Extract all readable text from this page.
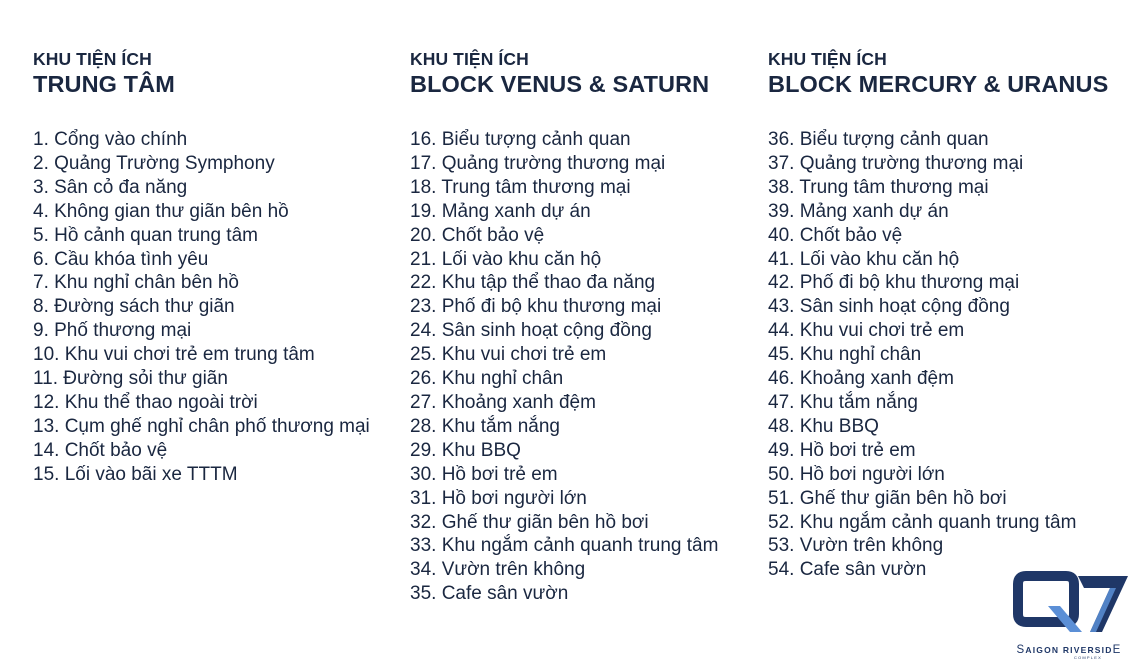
KHU TIỆN ÍCH
TRUNG TÂM
1. Cổng vào chính
2. Quảng Trường Symphony
3. Sân cỏ đa năng
4. Không gian thư giãn bên hồ
5. Hồ cảnh quan trung tâm
6. Cầu khóa tình yêu
7. Khu nghỉ chân bên hồ
8. Đường sách thư giãn
9. Phố thương mại
10. Khu vui chơi trẻ em trung tâm
11. Đường sỏi thư giãn
12. Khu thể thao ngoài trời
13. Cụm ghế nghỉ chân phố thương mại
14. Chốt bảo vệ
15. Lối vào bãi xe TTTM
KHU TIỆN ÍCH
BLOCK VENUS & SATURN
16. Biểu tượng cảnh quan
17. Quảng trường thương mại
18. Trung tâm thương mại
19. Mảng xanh dự án
20. Chốt bảo vệ
21. Lối vào khu căn hộ
22. Khu tập thể thao đa năng
23. Phố đi bộ khu thương mại
24. Sân sinh hoạt cộng đồng
25. Khu vui chơi trẻ em
26. Khu nghỉ chân
27. Khoảng xanh đệm
28. Khu tắm nắng
29. Khu BBQ
30. Hồ bơi trẻ em
31. Hồ bơi người lớn
32. Ghế thư giãn bên hồ bơi
33. Khu ngắm cảnh quanh trung tâm
34. Vườn trên không
35. Cafe sân vườn
KHU TIỆN ÍCH
BLOCK MERCURY & URANUS
36. Biểu tượng cảnh quan
37. Quảng trường thương mại
38. Trung tâm thương mại
39. Mảng xanh dự án
40. Chốt bảo vệ
41. Lối vào khu căn hộ
42. Phố đi bộ khu thương mại
43. Sân sinh hoạt cộng đồng
44. Khu vui chơi trẻ em
45. Khu nghỉ chân
46. Khoảng xanh đệm
47. Khu tắm nắng
48. Khu BBQ
49. Hồ bơi trẻ em
50. Hồ bơi người lớn
51. Ghế thư giãn bên hồ bơi
52. Khu ngắm cảnh quanh trung tâm
53. Vườn trên không
54. Cafe sân vườn
SAIGON RIVERSIDE
COMPLEX
